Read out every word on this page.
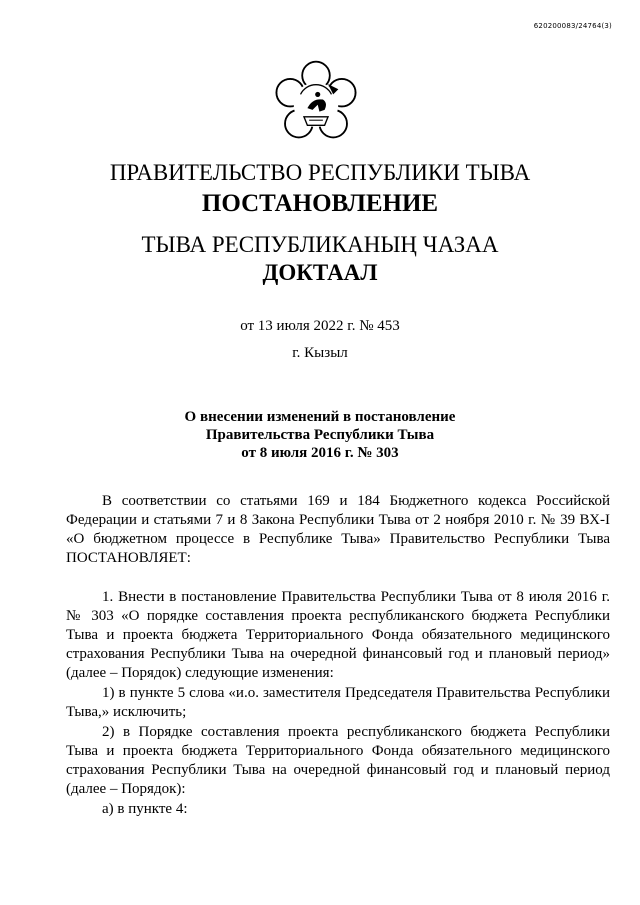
620200083/24764(3)
ПРАВИТЕЛЬСТВО РЕСПУБЛИКИ ТЫВА
ПОСТАНОВЛЕНИЕ
ТЫВА РЕСПУБЛИКАНЫҢ ЧАЗАА
ДОКТААЛ
от 13 июля 2022 г. № 453
г. Кызыл
О внесении изменений в постановление
Правительства Республики Тыва
от 8 июля 2016 г. № 303

В соответствии со статьями 169 и 184 Бюджетного кодекса Российской Федерации и статьями 7 и 8 Закона Республики Тыва от 2 ноября 2010 г. № 39 ВХ-I «О бюджетном процессе в Республике Тыва» Правительство Республики Тыва ПОСТАНОВЛЯЕТ:

1. Внести в постановление Правительства Республики Тыва от 8 июля 2016 г. № 303 «О порядке составления проекта республиканского бюджета Республики Тыва и проекта бюджета Территориального Фонда обязательного медицинского страхования Республики Тыва на очередной финансовый год и плановый период» (далее – Порядок) следующие изменения:

1) в пункте 5 слова «и.о. заместителя Председателя Правительства Республики Тыва,» исключить;

2) в Порядке составления проекта республиканского бюджета Республики Тыва и проекта бюджета Территориального Фонда обязательного медицинского страхования Республики Тыва на очередной финансовый год и плановый период (далее – Порядок):

а) в пункте 4:
